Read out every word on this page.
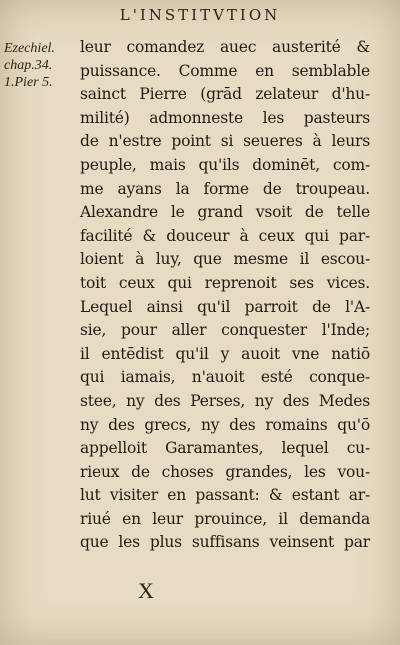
L'INSTITVTION
Ezechiel.
chap.34.
1.Pier 5.
leur comandez auec austerité &
puissance. Comme en semblable
sainct Pierre (grād zelateur d'hu-
milité) admonneste les pasteurs
de n'estre point si seueres à leurs
peuple, mais qu'ils dominēt, com-
me ayans la forme de troupeau.
Alexandre le grand vsoit de telle
facilité & douceur à ceux qui par-
loient à luy, que mesme il escou-
toit ceux qui reprenoit ses vices.
Lequel ainsi qu'il parroit de l'A-
sie, pour aller conquester l'Inde;
il entēdist qu'il y auoit vne natiō
qui iamais, n'auoit esté conque-
stee, ny des Perses, ny des Medes
ny des grecs, ny des romains qu'ō
appelloit Garamantes, lequel cu-
rieux de choses grandes, les vou-
lut visiter en passant: & estant ar-
riué en leur prouince, il demanda
que les plus suffisans veinsent par
X
